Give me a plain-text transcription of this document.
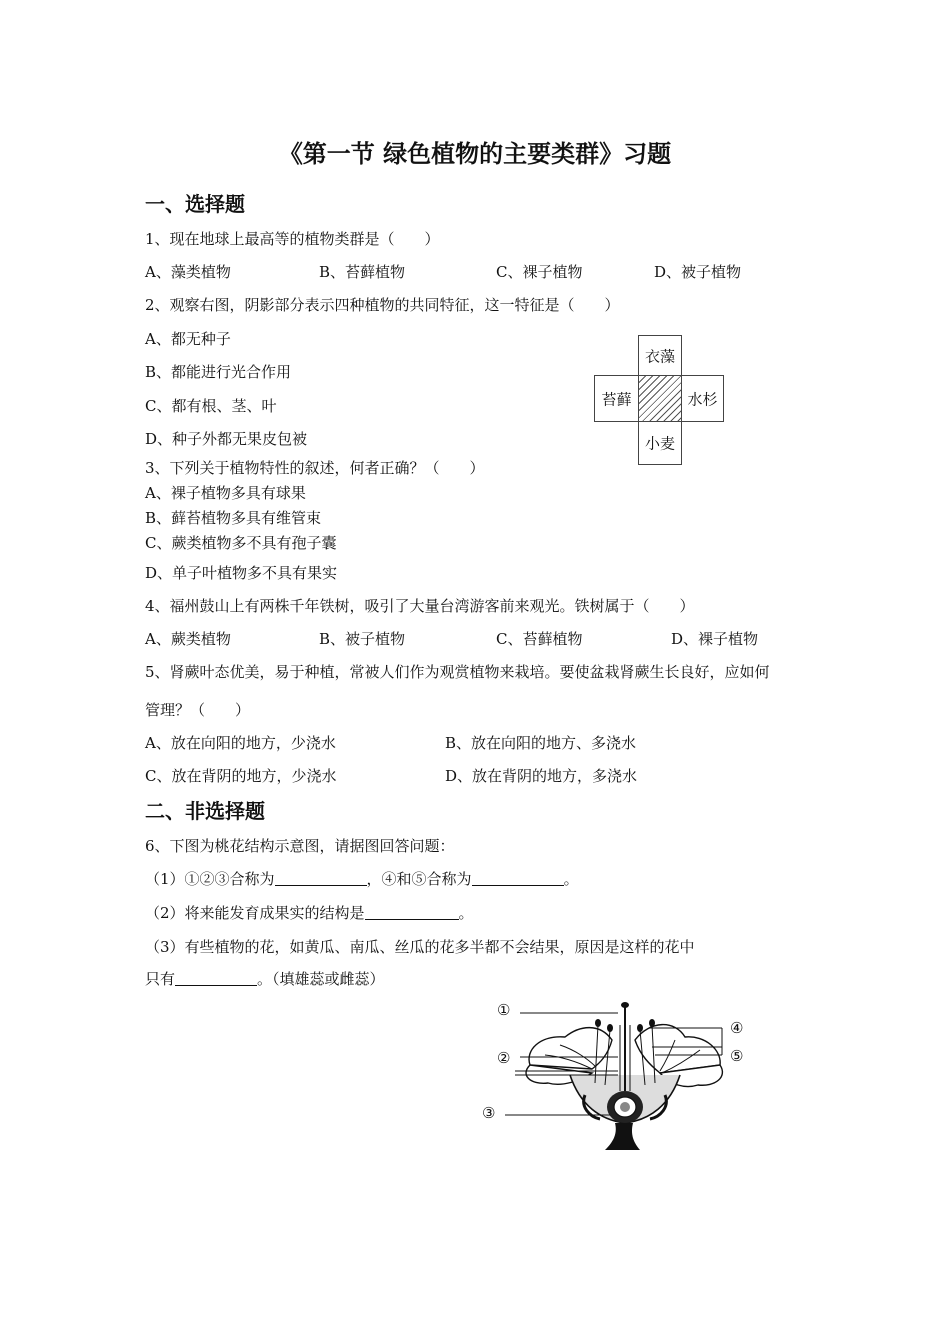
《第一节 绿色植物的主要类群》习题
一、选择题
1、现在地球上最高等的植物类群是（　　）
A、藻类植物	B、苔藓植物	C、裸子植物	D、被子植物
2、观察右图，阴影部分表示四种植物的共同特征，这一特征是（　　）
A、都无种子
B、都能进行光合作用
C、都有根、茎、叶
D、种子外都无果皮包被
衣藻
苔藓	水杉
小麦
3、下列关于植物特性的叙述，何者正确？（　　）
A、裸子植物多具有球果
B、藓苔植物多具有维管束
C、蕨类植物多不具有孢子囊
D、单子叶植物多不具有果实
4、福州鼓山上有两株千年铁树，吸引了大量台湾游客前来观光。铁树属于（　　）
A、蕨类植物	B、被子植物	C、苔藓植物	D、裸子植物
5、肾蕨叶态优美，易于种植，常被人们作为观赏植物来栽培。要使盆栽肾蕨生长良好，应如何
管理？（　　）
A、放在向阳的地方，少浇水	B、放在向阳的地方、多浇水
C、放在背阴的地方，少浇水	D、放在背阴的地方，多浇水
二、非选择题
6、下图为桃花结构示意图，请据图回答问题：
（1）①②③合称为	，④和⑤合称为	。
（2）将来能发育成果实的结构是	。
（3）有些植物的花，如黄瓜、南瓜、丝瓜的花多半都不会结果，原因是这样的花中
只有	。（填雄蕊或雌蕊）
①
②
③
④
⑤
